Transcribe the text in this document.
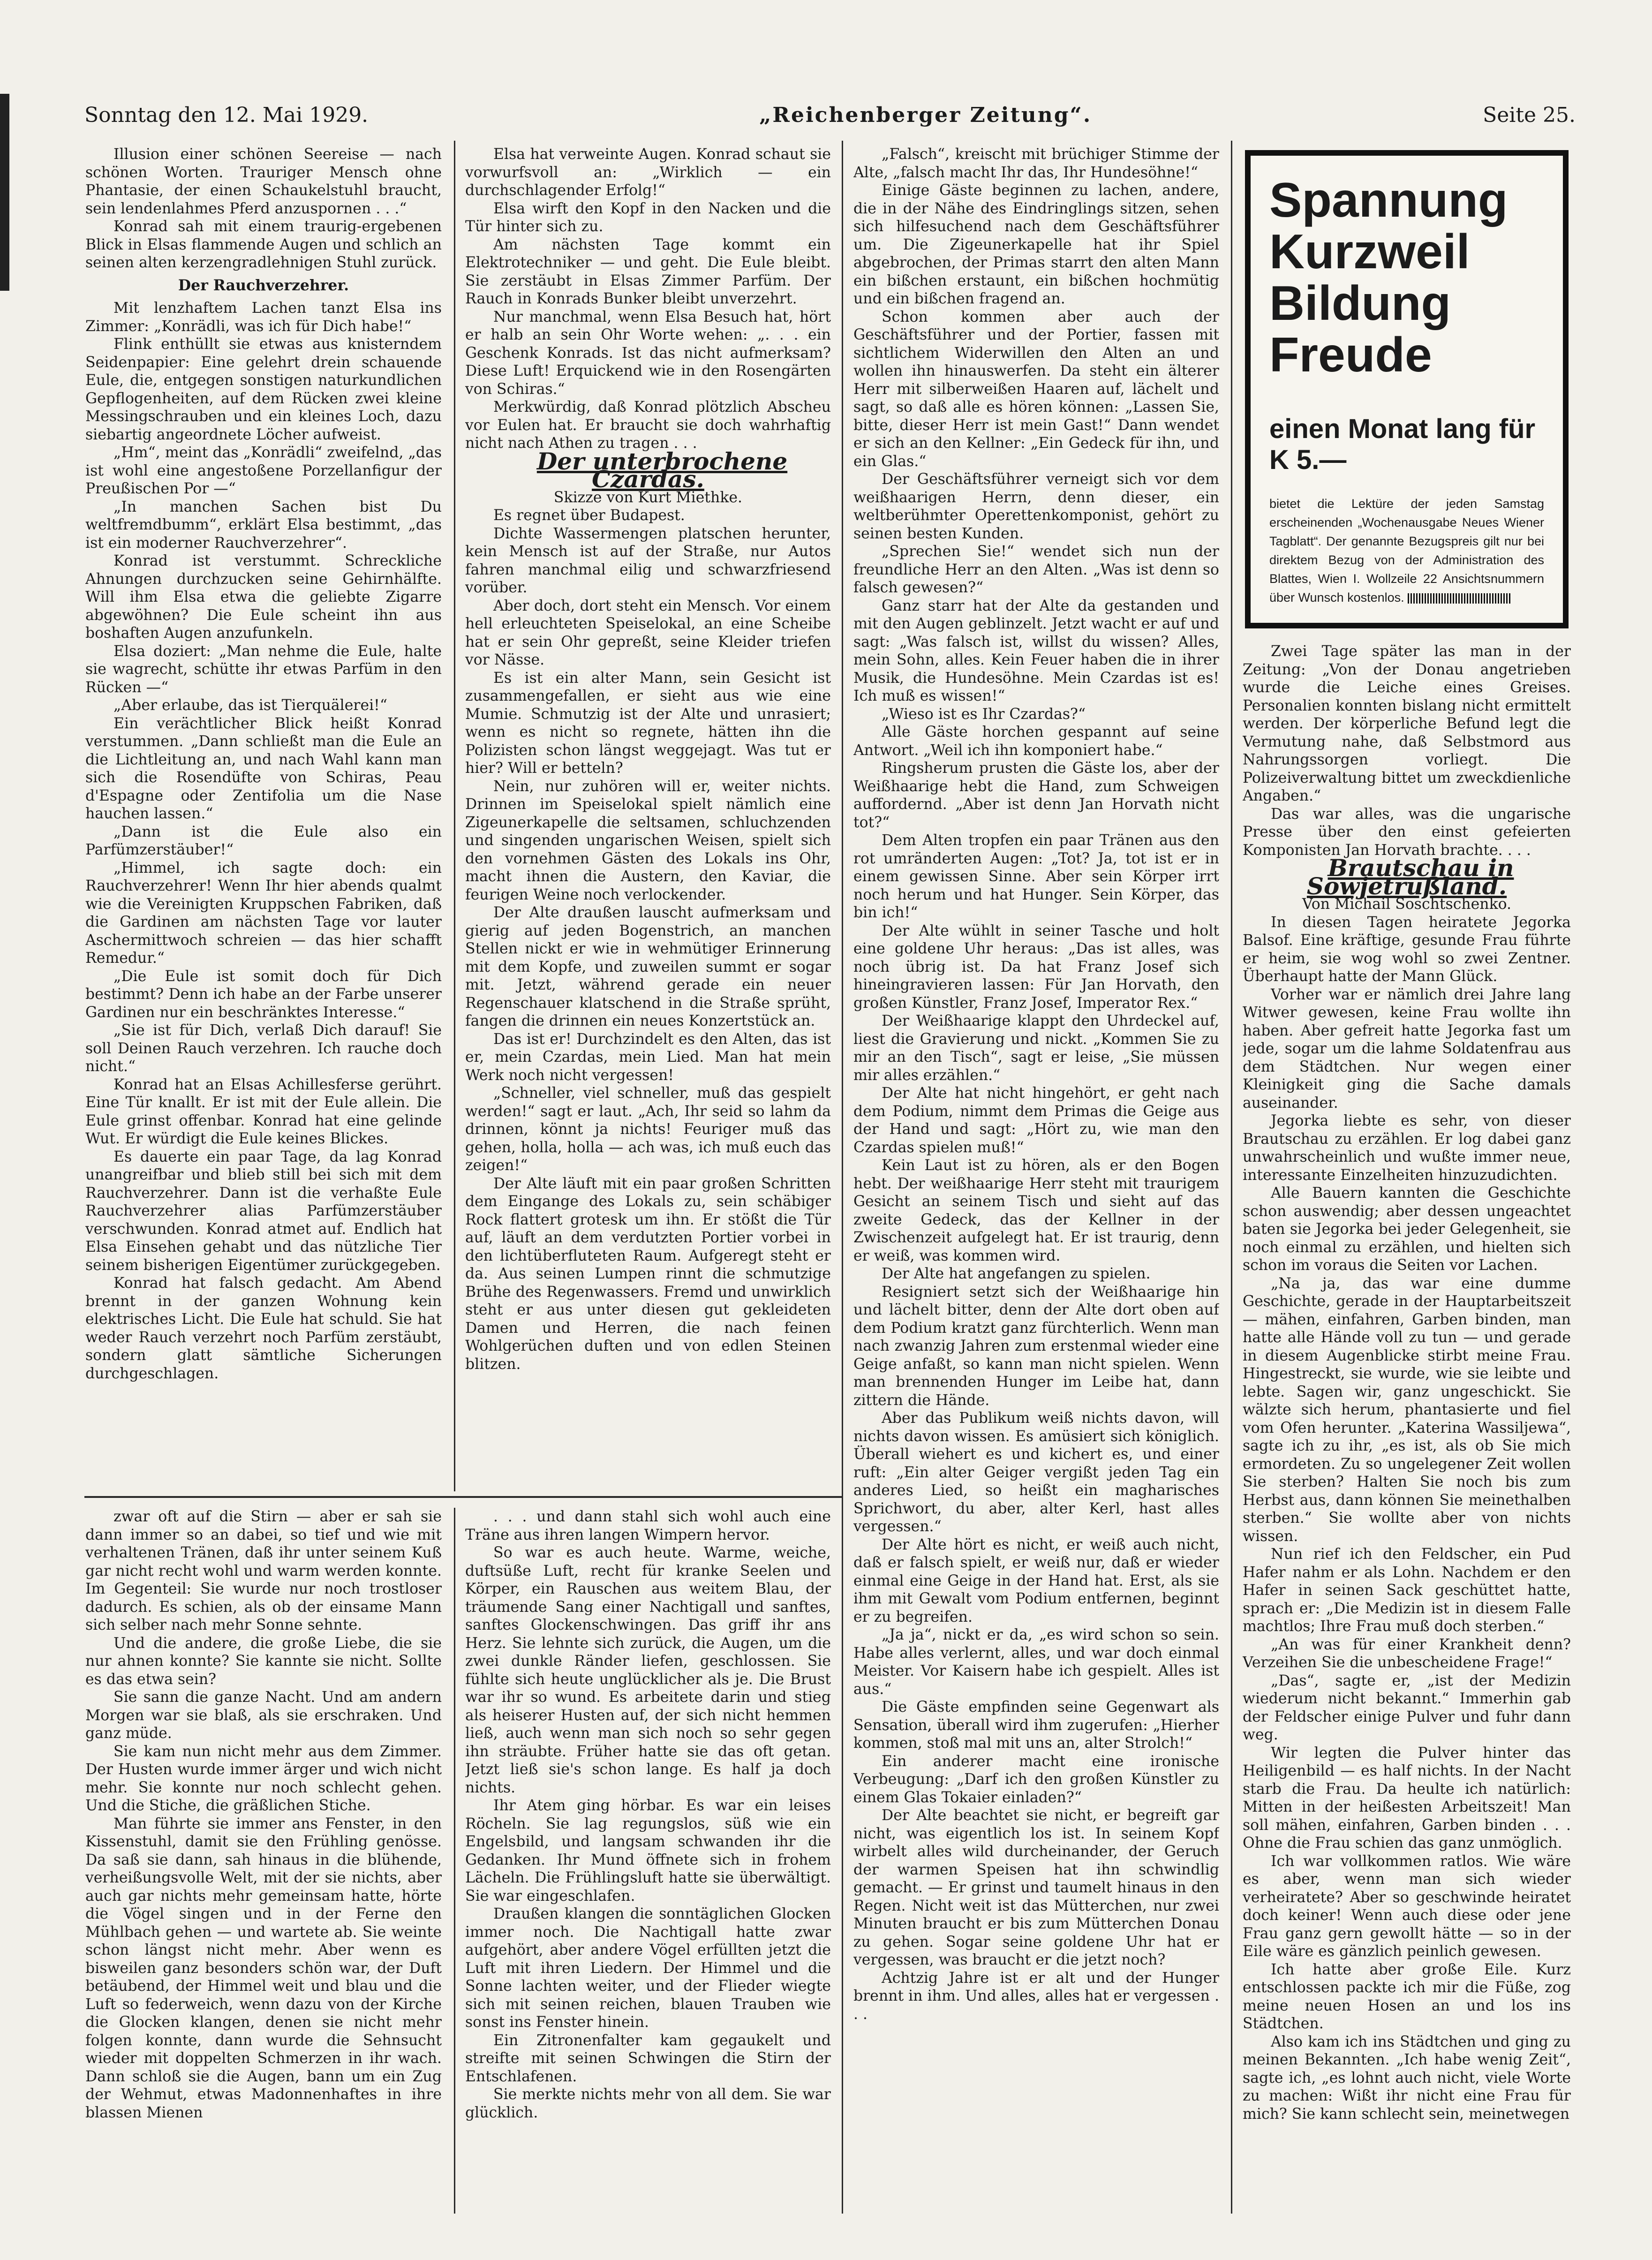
Sonntag den 12. Mai 1929.	„Reichenberger Zeitung“.	Seite 25.

Illusion einer schönen Seereise — nach schönen Worten. Trauriger Mensch ohne Phantasie, der einen Schaukelstuhl braucht, sein lendenlahmes Pferd anzuspornen . . .“

Konrad sah mit einem traurig-ergebenen Blick in Elsas flammende Augen und schlich an seinen alten kerzengradlehnigen Stuhl zurück.

Der Rauchverzehrer.

Mit lenzhaftem Lachen tanzt Elsa ins Zimmer: „Konrädli, was ich für Dich habe!“

Flink enthüllt sie etwas aus knisterndem Seidenpapier: Eine gelehrt drein schauende Eule, die, entgegen sonstigen naturkundlichen Gepflogenheiten, auf dem Rücken zwei kleine Messingschrauben und ein kleines Loch, dazu siebartig angeordnete Löcher aufweist.

„Hm“, meint das „Konrädli“ zweifelnd, „das ist wohl eine angestoßene Porzellanfigur der Preußischen Por —“

„In manchen Sachen bist Du weltfremdbumm“, erklärt Elsa bestimmt, „das ist ein moderner Rauchverzehrer“.

Konrad ist verstummt. Schreckliche Ahnungen durchzucken seine Gehirnhälfte. Will ihm Elsa etwa die geliebte Zigarre abgewöhnen? Die Eule scheint ihn aus boshaften Augen anzufunkeln.

Elsa doziert: „Man nehme die Eule, halte sie wagrecht, schütte ihr etwas Parfüm in den Rücken —“

„Aber erlaube, das ist Tierquälerei!“

Ein verächtlicher Blick heißt Konrad verstummen. „Dann schließt man die Eule an die Lichtleitung an, und nach Wahl kann man sich die Rosendüfte von Schiras, Peau d'Espagne oder Zentifolia um die Nase hauchen lassen.“

„Dann ist die Eule also ein Parfümzerstäuber!“

„Himmel, ich sagte doch: ein Rauchverzehrer! Wenn Ihr hier abends qualmt wie die Vereinigten Kruppschen Fabriken, daß die Gardinen am nächsten Tage vor lauter Aschermittwoch schreien — das hier schafft Remedur.“

„Die Eule ist somit doch für Dich bestimmt? Denn ich habe an der Farbe unserer Gardinen nur ein beschränktes Interesse.“

„Sie ist für Dich, verlaß Dich darauf! Sie soll Deinen Rauch verzehren. Ich rauche doch nicht.“

Konrad hat an Elsas Achillesferse gerührt. Eine Tür knallt. Er ist mit der Eule allein. Die Eule grinst offenbar. Konrad hat eine gelinde Wut. Er würdigt die Eule keines Blickes.

Es dauerte ein paar Tage, da lag Konrad unangreifbar und blieb still bei sich mit dem Rauchverzehrer. Dann ist die verhaßte Eule Rauchverzehrer alias Parfümzerstäuber verschwunden. Konrad atmet auf. Endlich hat Elsa Einsehen gehabt und das nützliche Tier seinem bisherigen Eigentümer zurückgegeben.

Konrad hat falsch gedacht. Am Abend brennt in der ganzen Wohnung kein elektrisches Licht. Die Eule hat schuld. Sie hat weder Rauch verzehrt noch Parfüm zerstäubt, sondern glatt sämtliche Sicherungen durchgeschlagen.

Elsa hat verweinte Augen. Konrad schaut sie vorwurfsvoll an: „Wirklich — ein durchschlagender Erfolg!“

Elsa wirft den Kopf in den Nacken und die Tür hinter sich zu.

Am nächsten Tage kommt ein Elektrotechniker — und geht. Die Eule bleibt. Sie zerstäubt in Elsas Zimmer Parfüm. Der Rauch in Konrads Bunker bleibt unverzehrt.

Nur manchmal, wenn Elsa Besuch hat, hört er halb an sein Ohr Worte wehen: „. . . ein Geschenk Konrads. Ist das nicht aufmerksam? Diese Luft! Erquickend wie in den Rosengärten von Schiras.“

Merkwürdig, daß Konrad plötzlich Abscheu vor Eulen hat. Er braucht sie doch wahrhaftig nicht nach Athen zu tragen . . .

Der unterbrochene Czardas.

Skizze von Kurt Miethke.

Es regnet über Budapest.

Dichte Wassermengen platschen herunter, kein Mensch ist auf der Straße, nur Autos fahren manchmal eilig und schwarzfriesend vorüber.

Aber doch, dort steht ein Mensch. Vor einem hell erleuchteten Speiselokal, an eine Scheibe hat er sein Ohr gepreßt, seine Kleider triefen vor Nässe.

Es ist ein alter Mann, sein Gesicht ist zusammengefallen, er sieht aus wie eine Mumie. Schmutzig ist der Alte und unrasiert; wenn es nicht so regnete, hätten ihn die Polizisten schon längst weggejagt. Was tut er hier? Will er betteln?

Nein, nur zuhören will er, weiter nichts. Drinnen im Speiselokal spielt nämlich eine Zigeunerkapelle die seltsamen, schluchzenden und singenden ungarischen Weisen, spielt sich den vornehmen Gästen des Lokals ins Ohr, macht ihnen die Austern, den Kaviar, die feurigen Weine noch verlockender.

Der Alte draußen lauscht aufmerksam und gierig auf jeden Bogenstrich, an manchen Stellen nickt er wie in wehmütiger Erinnerung mit dem Kopfe, und zuweilen summt er sogar mit. Jetzt, während gerade ein neuer Regenschauer klatschend in die Straße sprüht, fangen die drinnen ein neues Konzertstück an.

Das ist er! Durchzindelt es den Alten, das ist er, mein Czardas, mein Lied. Man hat mein Werk noch nicht vergessen!

„Schneller, viel schneller, muß das gespielt werden!“ sagt er laut. „Ach, Ihr seid so lahm da drinnen, könnt ja nichts! Feuriger muß das gehen, holla, holla — ach was, ich muß euch das zeigen!“

Der Alte läuft mit ein paar großen Schritten dem Eingange des Lokals zu, sein schäbiger Rock flattert grotesk um ihn. Er stößt die Tür auf, läuft an dem verdutzten Portier vorbei in den lichtüberfluteten Raum. Aufgeregt steht er da. Aus seinen Lumpen rinnt die schmutzige Brühe des Regenwassers. Fremd und unwirklich steht er aus unter diesen gut gekleideten Damen und Herren, die nach feinen Wohlgerüchen duften und von edlen Steinen blitzen.

„Falsch“, kreischt mit brüchiger Stimme der Alte, „falsch macht Ihr das, Ihr Hundesöhne!“

Einige Gäste beginnen zu lachen, andere, die in der Nähe des Eindringlings sitzen, sehen sich hilfesuchend nach dem Geschäftsführer um. Die Zigeunerkapelle hat ihr Spiel abgebrochen, der Primas starrt den alten Mann ein bißchen erstaunt, ein bißchen hochmütig und ein bißchen fragend an.

Schon kommen aber auch der Geschäftsführer und der Portier, fassen mit sichtlichem Widerwillen den Alten an und wollen ihn hinauswerfen. Da steht ein älterer Herr mit silberweißen Haaren auf, lächelt und sagt, so daß alle es hören können: „Lassen Sie, bitte, dieser Herr ist mein Gast!“ Dann wendet er sich an den Kellner: „Ein Gedeck für ihn, und ein Glas.“

Der Geschäftsführer verneigt sich vor dem weißhaarigen Herrn, denn dieser, ein weltberühmter Operettenkomponist, gehört zu seinen besten Kunden.

„Sprechen Sie!“ wendet sich nun der freundliche Herr an den Alten. „Was ist denn so falsch gewesen?“

Ganz starr hat der Alte da gestanden und mit den Augen geblinzelt. Jetzt wacht er auf und sagt: „Was falsch ist, willst du wissen? Alles, mein Sohn, alles. Kein Feuer haben die in ihrer Musik, die Hundesöhne. Mein Czardas ist es! Ich muß es wissen!“

„Wieso ist es Ihr Czardas?“

Alle Gäste horchen gespannt auf seine Antwort. „Weil ich ihn komponiert habe.“

Ringsherum prusten die Gäste los, aber der Weißhaarige hebt die Hand, zum Schweigen auffordernd. „Aber ist denn Jan Horvath nicht tot?“

Dem Alten tropfen ein paar Tränen aus den rot umränderten Augen: „Tot? Ja, tot ist er in einem gewissen Sinne. Aber sein Körper irrt noch herum und hat Hunger. Sein Körper, das bin ich!“

Der Alte wühlt in seiner Tasche und holt eine goldene Uhr heraus: „Das ist alles, was noch übrig ist. Da hat Franz Josef sich hineingravieren lassen: Für Jan Horvath, den großen Künstler, Franz Josef, Imperator Rex.“

Der Weißhaarige klappt den Uhrdeckel auf, liest die Gravierung und nickt. „Kommen Sie zu mir an den Tisch“, sagt er leise, „Sie müssen mir alles erzählen.“

Der Alte hat nicht hingehört, er geht nach dem Podium, nimmt dem Primas die Geige aus der Hand und sagt: „Hört zu, wie man den Czardas spielen muß!“

Kein Laut ist zu hören, als er den Bogen hebt. Der weißhaarige Herr steht mit traurigem Gesicht an seinem Tisch und sieht auf das zweite Gedeck, das der Kellner in der Zwischenzeit aufgelegt hat. Er ist traurig, denn er weiß, was kommen wird.

Der Alte hat angefangen zu spielen.

Resigniert setzt sich der Weißhaarige hin und lächelt bitter, denn der Alte dort oben auf dem Podium kratzt ganz fürchterlich. Wenn man nach zwanzig Jahren zum erstenmal wieder eine Geige anfaßt, so kann man nicht spielen. Wenn man brennenden Hunger im Leibe hat, dann zittern die Hände.

Aber das Publikum weiß nichts davon, will nichts davon wissen. Es amüsiert sich königlich. Überall wiehert es und kichert es, und einer ruft: „Ein alter Geiger vergißt jeden Tag ein anderes Lied, so heißt ein magharisches Sprichwort, du aber, alter Kerl, hast alles vergessen.“

Der Alte hört es nicht, er weiß auch nicht, daß er falsch spielt, er weiß nur, daß er wieder einmal eine Geige in der Hand hat. Erst, als sie ihm mit Gewalt vom Podium entfernen, beginnt er zu begreifen.

„Ja ja“, nickt er da, „es wird schon so sein. Habe alles verlernt, alles, und war doch einmal Meister. Vor Kaisern habe ich gespielt. Alles ist aus.“

Die Gäste empfinden seine Gegenwart als Sensation, überall wird ihm zugerufen: „Hierher kommen, stoß mal mit uns an, alter Strolch!“

Ein anderer macht eine ironische Verbeugung: „Darf ich den großen Künstler zu einem Glas Tokaier einladen?“

Der Alte beachtet sie nicht, er begreift gar nicht, was eigentlich los ist. In seinem Kopf wirbelt alles wild durcheinander, der Geruch der warmen Speisen hat ihn schwindlig gemacht. — Er grinst und taumelt hinaus in den Regen. Nicht weit ist das Mütterchen, nur zwei Minuten braucht er bis zum Mütterchen Donau zu gehen. Sogar seine goldene Uhr hat er vergessen, was braucht er die jetzt noch?

Achtzig Jahre ist er alt und der Hunger brennt in ihm. Und alles, alles hat er vergessen . . .

zwar oft auf die Stirn — aber er sah sie dann immer so an dabei, so tief und wie mit verhaltenen Tränen, daß ihr unter seinem Kuß gar nicht recht wohl und warm werden konnte. Im Gegenteil: Sie wurde nur noch trostloser dadurch. Es schien, als ob der einsame Mann sich selber nach mehr Sonne sehnte.

Und die andere, die große Liebe, die sie nur ahnen konnte? Sie kannte sie nicht. Sollte es das etwa sein?

Sie sann die ganze Nacht. Und am andern Morgen war sie blaß, als sie erschraken. Und ganz müde.

Sie kam nun nicht mehr aus dem Zimmer. Der Husten wurde immer ärger und wich nicht mehr. Sie konnte nur noch schlecht gehen. Und die Stiche, die gräßlichen Stiche.

Man führte sie immer ans Fenster, in den Kissenstuhl, damit sie den Frühling genösse. Da saß sie dann, sah hinaus in die blühende, verheißungsvolle Welt, mit der sie nichts, aber auch gar nichts mehr gemeinsam hatte, hörte die Vögel singen und in der Ferne den Mühlbach gehen — und wartete ab. Sie weinte schon längst nicht mehr. Aber wenn es bisweilen ganz besonders schön war, der Duft betäubend, der Himmel weit und blau und die Luft so federweich, wenn dazu von der Kirche die Glocken klangen, denen sie nicht mehr folgen konnte, dann wurde die Sehnsucht wieder mit doppelten Schmerzen in ihr wach. Dann schloß sie die Augen, bann um ein Zug der Wehmut, etwas Madonnenhaftes in ihre blassen Mienen

. . . und dann stahl sich wohl auch eine Träne aus ihren langen Wimpern hervor.

So war es auch heute. Warme, weiche, duftsüße Luft, recht für kranke Seelen und Körper, ein Rauschen aus weitem Blau, der träumende Sang einer Nachtigall und sanftes, sanftes Glockenschwingen. Das griff ihr ans Herz. Sie lehnte sich zurück, die Augen, um die zwei dunkle Ränder liefen, geschlossen. Sie fühlte sich heute unglücklicher als je. Die Brust war ihr so wund. Es arbeitete darin und stieg als heiserer Husten auf, der sich nicht hemmen ließ, auch wenn man sich noch so sehr gegen ihn sträubte. Früher hatte sie das oft getan. Jetzt ließ sie's schon lange. Es half ja doch nichts.

Ihr Atem ging hörbar. Es war ein leises Röcheln. Sie lag regungslos, süß wie ein Engelsbild, und langsam schwanden ihr die Gedanken. Ihr Mund öffnete sich in frohem Lächeln. Die Frühlingsluft hatte sie überwältigt. Sie war eingeschlafen.

Draußen klangen die sonntäglichen Glocken immer noch. Die Nachtigall hatte zwar aufgehört, aber andere Vögel erfüllten jetzt die Luft mit ihren Liedern. Der Himmel und die Sonne lachten weiter, und der Flieder wiegte sich mit seinen reichen, blauen Trauben wie sonst ins Fenster hinein.

Ein Zitronenfalter kam gegaukelt und streifte mit seinen Schwingen die Stirn der Entschlafenen.

Sie merkte nichts mehr von all dem. Sie war glücklich.

Spannung

Kurzweil

Bildung

Freude

einen Monat lang für K 5.—
bietet die Lektüre der jeden Samstag erscheinenden „Wochenausgabe Neues Wiener Tagblatt“. Der genannte Bezugspreis gilt nur bei direktem Bezug von der Administration des Blattes, Wien I. Wollzeile 22 Ansichtsnummern über Wunsch kostenlos.

Zwei Tage später las man in der Zeitung: „Von der Donau angetrieben wurde die Leiche eines Greises. Personalien konnten bislang nicht ermittelt werden. Der körperliche Befund legt die Vermutung nahe, daß Selbstmord aus Nahrungssorgen vorliegt. Die Polizeiverwaltung bittet um zweckdienliche Angaben.“

Das war alles, was die ungarische Presse über den einst gefeierten Komponisten Jan Horvath brachte. . . .

Brautschau in Sowjetrußland.

Von Michail Soschtschenko.

In diesen Tagen heiratete Jegorka Balsof. Eine kräftige, gesunde Frau führte er heim, sie wog wohl so zwei Zentner. Überhaupt hatte der Mann Glück.

Vorher war er nämlich drei Jahre lang Witwer gewesen, keine Frau wollte ihn haben. Aber gefreit hatte Jegorka fast um jede, sogar um die lahme Soldatenfrau aus dem Städtchen. Nur wegen einer Kleinigkeit ging die Sache damals auseinander.

Jegorka liebte es sehr, von dieser Brautschau zu erzählen. Er log dabei ganz unwahrscheinlich und wußte immer neue, interessante Einzelheiten hinzuzudichten.

Alle Bauern kannten die Geschichte schon auswendig; aber dessen ungeachtet baten sie Jegorka bei jeder Gelegenheit, sie noch einmal zu erzählen, und hielten sich schon im voraus die Seiten vor Lachen.

„Na ja, das war eine dumme Geschichte, gerade in der Hauptarbeitszeit — mähen, einfahren, Garben binden, man hatte alle Hände voll zu tun — und gerade in diesem Augenblicke stirbt meine Frau. Hingestreckt, sie wurde, wie sie leibte und lebte. Sagen wir, ganz ungeschickt. Sie wälzte sich herum, phantasierte und fiel vom Ofen herunter. „Katerina Wassiljewa“, sagte ich zu ihr, „es ist, als ob Sie mich ermordeten. Zu so ungelegener Zeit wollen Sie sterben? Halten Sie noch bis zum Herbst aus, dann können Sie meinethalben sterben.“ Sie wollte aber von nichts wissen.

Nun rief ich den Feldscher, ein Pud Hafer nahm er als Lohn. Nachdem er den Hafer in seinen Sack geschüttet hatte, sprach er: „Die Medizin ist in diesem Falle machtlos; Ihre Frau muß doch sterben.“

„An was für einer Krankheit denn? Verzeihen Sie die unbescheidene Frage!“

„Das“, sagte er, „ist der Medizin wiederum nicht bekannt.“ Immerhin gab der Feldscher einige Pulver und fuhr dann weg.

Wir legten die Pulver hinter das Heiligenbild — es half nichts. In der Nacht starb die Frau. Da heulte ich natürlich: Mitten in der heißesten Arbeitszeit! Man soll mähen, einfahren, Garben binden . . . Ohne die Frau schien das ganz unmöglich.

Ich war vollkommen ratlos. Wie wäre es aber, wenn man sich wieder verheiratete? Aber so geschwinde heiratet doch keiner! Wenn auch diese oder jene Frau ganz gern gewollt hätte — so in der Eile wäre es gänzlich peinlich gewesen.

Ich hatte aber große Eile. Kurz entschlossen packte ich mir die Füße, zog meine neuen Hosen an und los ins Städtchen.

Also kam ich ins Städtchen und ging zu meinen Bekannten. „Ich habe wenig Zeit“, sagte ich, „es lohnt auch nicht, viele Worte zu machen: Wißt ihr nicht eine Frau für mich? Sie kann schlecht sein, meinetwegen
